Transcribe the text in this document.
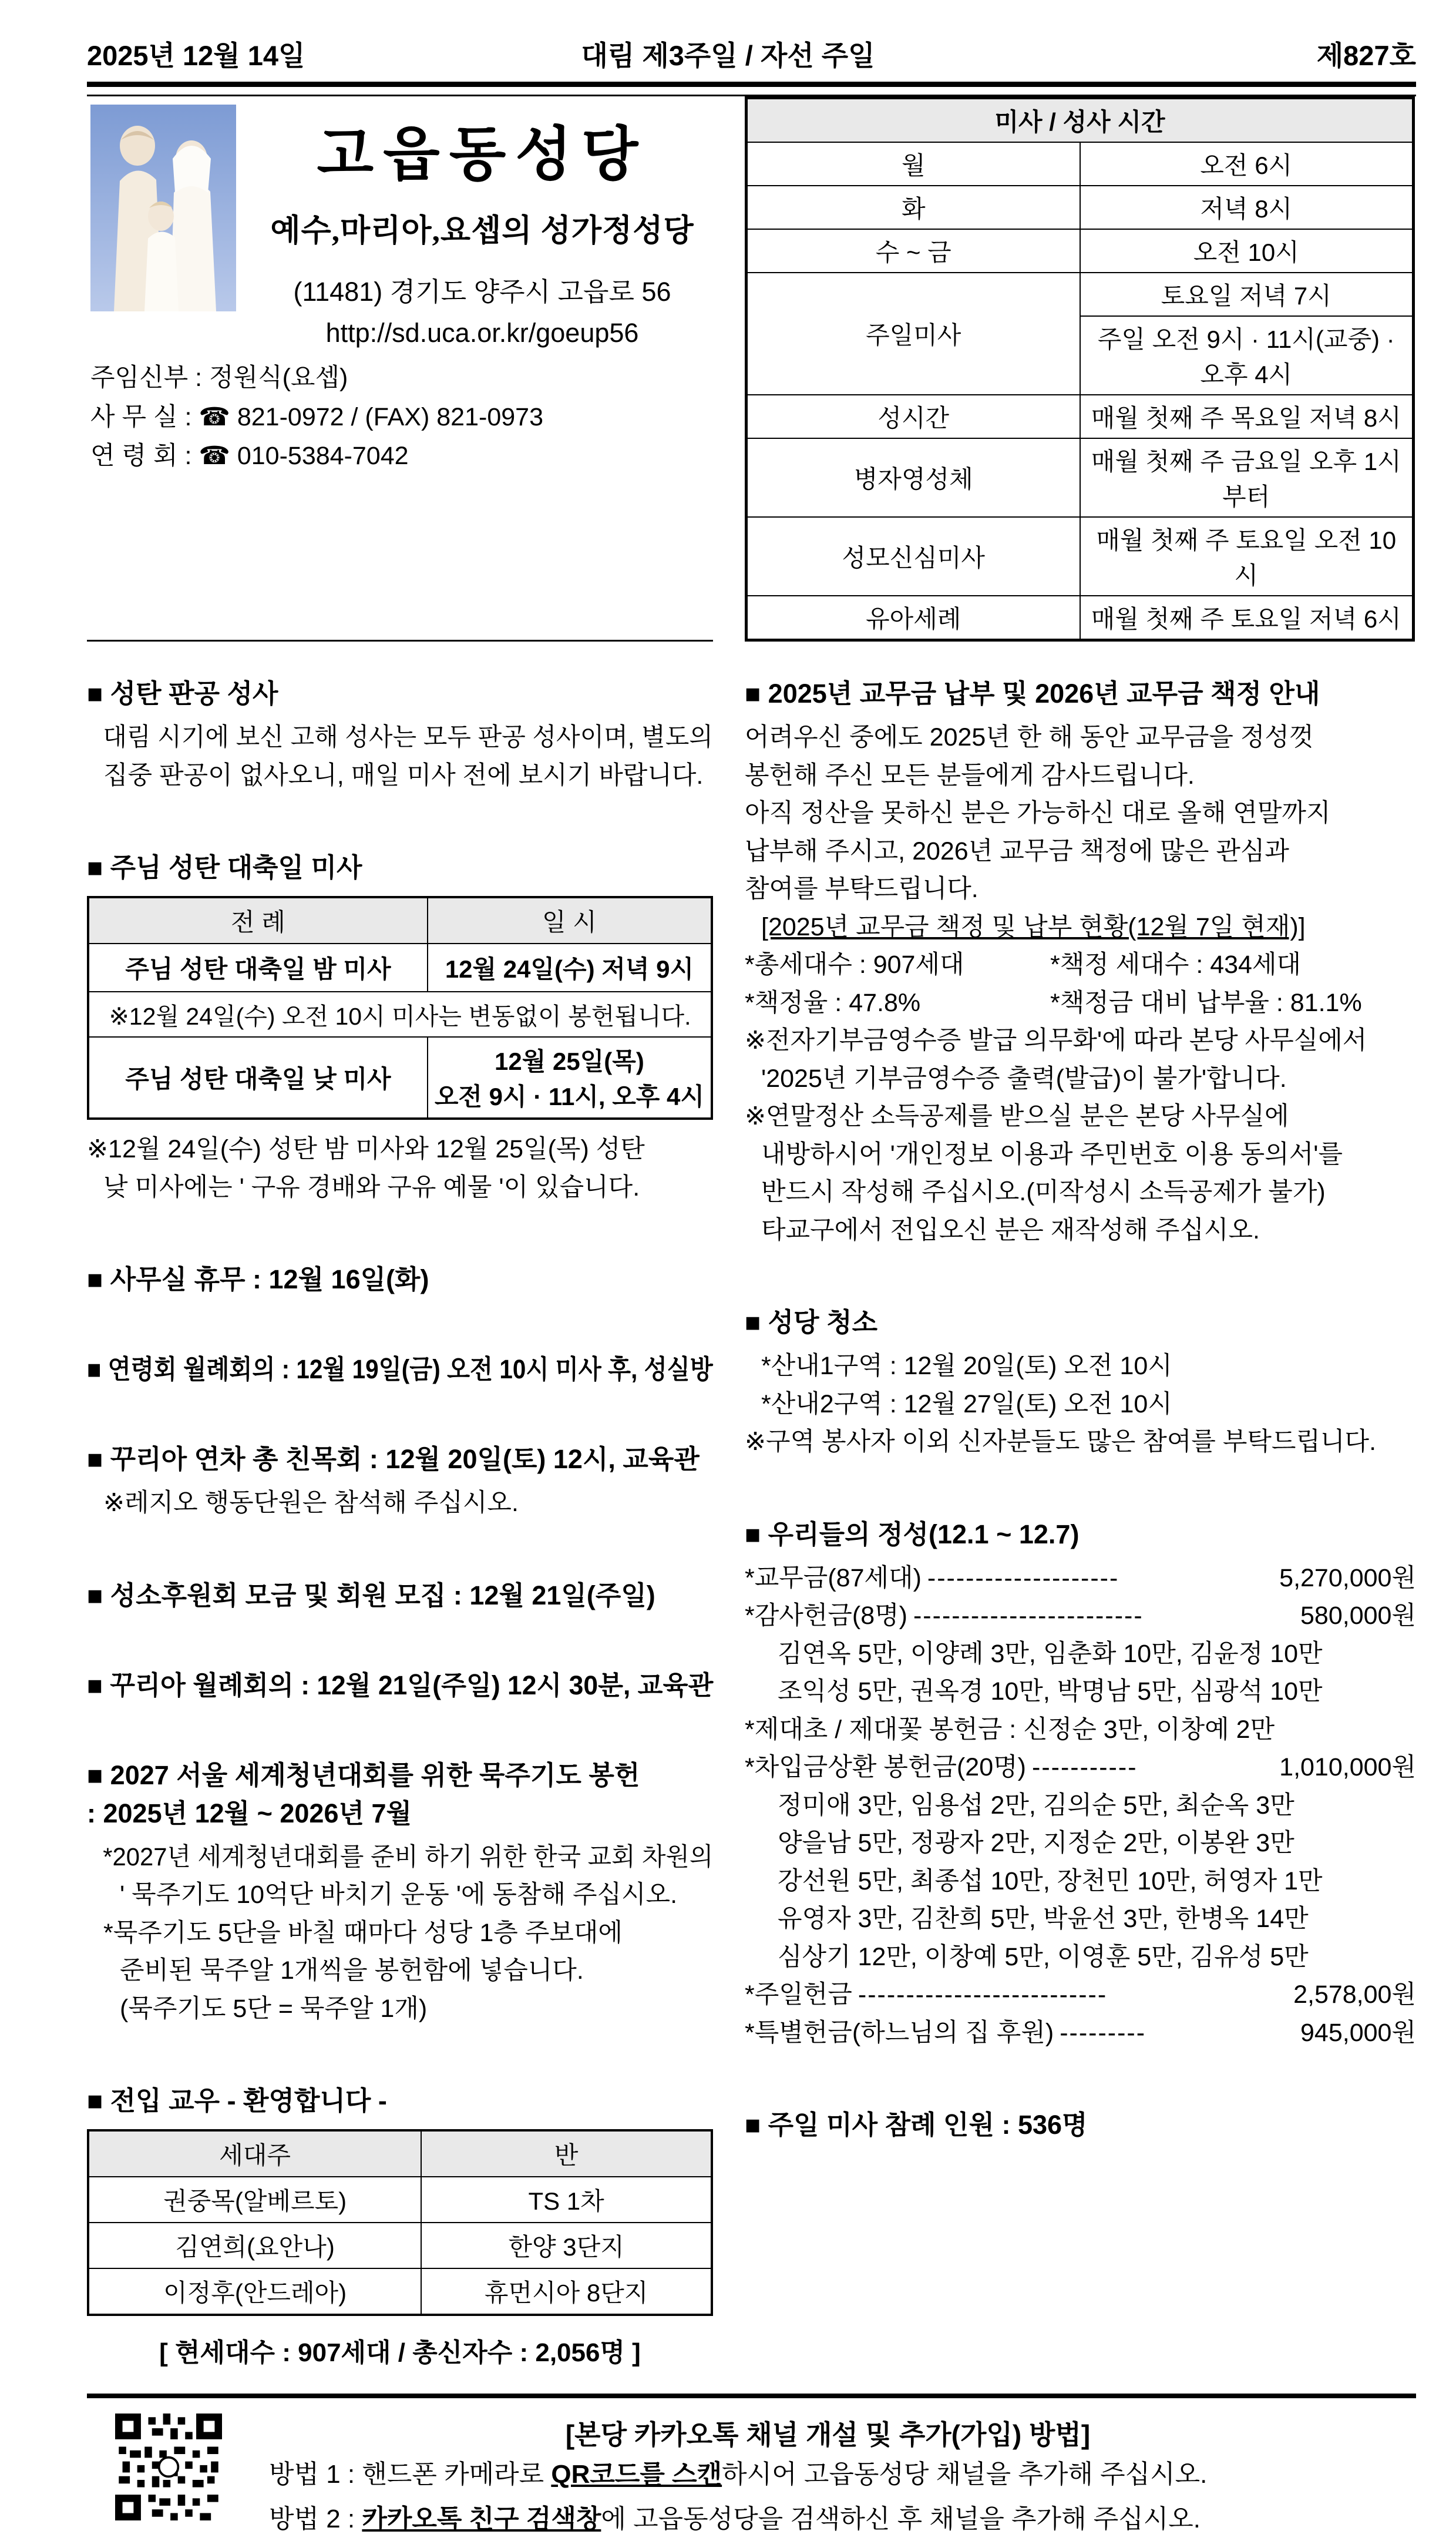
2025년 12월 14일	대림 제3주일 / 자선 주일	제827호
고읍동성당
예수,마리아,요셉의 성가정성당
(11481) 경기도 양주시 고읍로 56
http://sd.uca.or.kr/goeup56
주임신부 : 정원식(요셉)
사 무 실 : ☎ 821-0972 / (FAX) 821-0973
연 령 회 : ☎ 010-5384-7042
미사 / 성사 시간	

월	오전 6시

화	저녁 8시

수 ~ 금	오전 10시

주일미사	토요일 저녁 7시

	주일 오전 9시 · 11시(교중) · 오후 4시

성시간	매월 첫째 주 목요일 저녁 8시

병자영성체	매월 첫째 주 금요일 오후 1시 부터

성모신심미사	매월 첫째 주 토요일 오전 10시

유아세례	매월 첫째 주 토요일 저녁 6시
■ 성탄 판공 성사
대림 시기에 보신 고해 성사는 모두 판공 성사이며, 별도의
집중 판공이 없사오니, 매일 미사 전에 보시기 바랍니다.
■ 주님 성탄 대축일 미사
전 례	일 시

주님 성탄 대축일 밤 미사	12월 24일(수) 저녁 9시

※12월 24일(수) 오전 10시 미사는 변동없이 봉헌됩니다.	

주님 성탄 대축일 낮 미사	12월 25일(목)
오전 9시 · 11시, 오후 4시
※12월 24일(수) 성탄 밤 미사와 12월 25일(목) 성탄
낮 미사에는 ' 구유 경배와 구유 예물 '이 있습니다.
■ 사무실 휴무 : 12월 16일(화)
■ 연령회 월례회의 : 12월 19일(금) 오전 10시 미사 후, 성실방
■ 꾸리아 연차 총 친목회 : 12월 20일(토) 12시, 교육관
※레지오 행동단원은 참석해 주십시오.
■ 성소후원회 모금 및 회원 모집 : 12월 21일(주일)
■ 꾸리아 월례회의 : 12월 21일(주일) 12시 30분, 교육관
■ 2027 서울 세계청년대회를 위한 묵주기도 봉헌
: 2025년 12월 ~ 2026년 7월
*2027년 세계청년대회를 준비 하기 위한 한국 교회 차원의
' 묵주기도 10억단 바치기 운동 '에 동참해 주십시오.
*묵주기도 5단을 바칠 때마다 성당 1층 주보대에
준비된 묵주알 1개씩을 봉헌함에 넣습니다.
(묵주기도 5단 = 묵주알 1개)
■ 전입 교우 - 환영합니다 -
세대주	반

권중목(알베르토)	TS 1차

김연희(요안나)	한양 3단지

이정후(안드레아)	휴먼시아 8단지
[ 현세대수 : 907세대 / 총신자수 : 2,056명 ]
■ 2025년 교무금 납부 및 2026년 교무금 책정 안내
어려우신 중에도 2025년 한 해 동안 교무금을 정성껏
봉헌해 주신 모든 분들에게 감사드립니다.
아직 정산을 못하신 분은 가능하신 대로 올해 연말까지
납부해 주시고, 2026년 교무금 책정에 많은 관심과
참여를 부탁드립니다.
[2025년 교무금 책정 및 납부 현황(12월 7일 현재)]
*총세대수 : 907세대	*책정 세대수 : 434세대
*책정율 : 47.8%	*책정금 대비 납부율 : 81.1%
※전자기부금영수증 발급 의무화'에 따라 본당 사무실에서
'2025년 기부금영수증 출력(발급)이 불가'합니다.
※연말정산 소득공제를 받으실 분은 본당 사무실에
내방하시어 '개인정보 이용과 주민번호 이용 동의서'를
반드시 작성해 주십시오.(미작성시 소득공제가 불가)
타교구에서 전입오신 분은 재작성해 주십시오.
■ 성당 청소
*산내1구역 : 12월 20일(토) 오전 10시
*산내2구역 : 12월 27일(토) 오전 10시
※구역 봉사자 이외 신자분들도 많은 참여를 부탁드립니다.
■ 우리들의 정성(12.1 ~ 12.7)
*교무금(87세대) --------------------	5,270,000원
*감사헌금(8명) ------------------------	580,000원
김연옥 5만, 이양례 3만, 임춘화 10만, 김윤정 10만
조익성 5만, 권옥경 10만, 박명남 5만, 심광석 10만
*제대초 / 제대꽃 봉헌금 : 신정순 3만, 이창예 2만
*차입금상환 봉헌금(20명) -----------	1,010,000원
정미애 3만, 임용섭 2만, 김의순 5만, 최순옥 3만
양을남 5만, 정광자 2만, 지정순 2만, 이봉완 3만
강선원 5만, 최종섭 10만, 장천민 10만, 허영자 1만
유영자 3만, 김찬희 5만, 박윤선 3만, 한병옥 14만
심상기 12만, 이창예 5만, 이영훈 5만, 김유성 5만
*주일헌금 --------------------------	2,578,00원
*특별헌금(하느님의 집 후원) ---------	945,000원
■ 주일 미사 참례 인원 : 536명
[본당 카카오톡 채널 개설 및 추가(가입) 방법]
방법 1 : 핸드폰 카메라로 QR코드를 스캔하시어 고읍동성당 채널을 추가해 주십시오.
방법 2 : 카카오톡 친구 검색창에 고읍동성당을 검색하신 후 채널을 추가해 주십시오.
